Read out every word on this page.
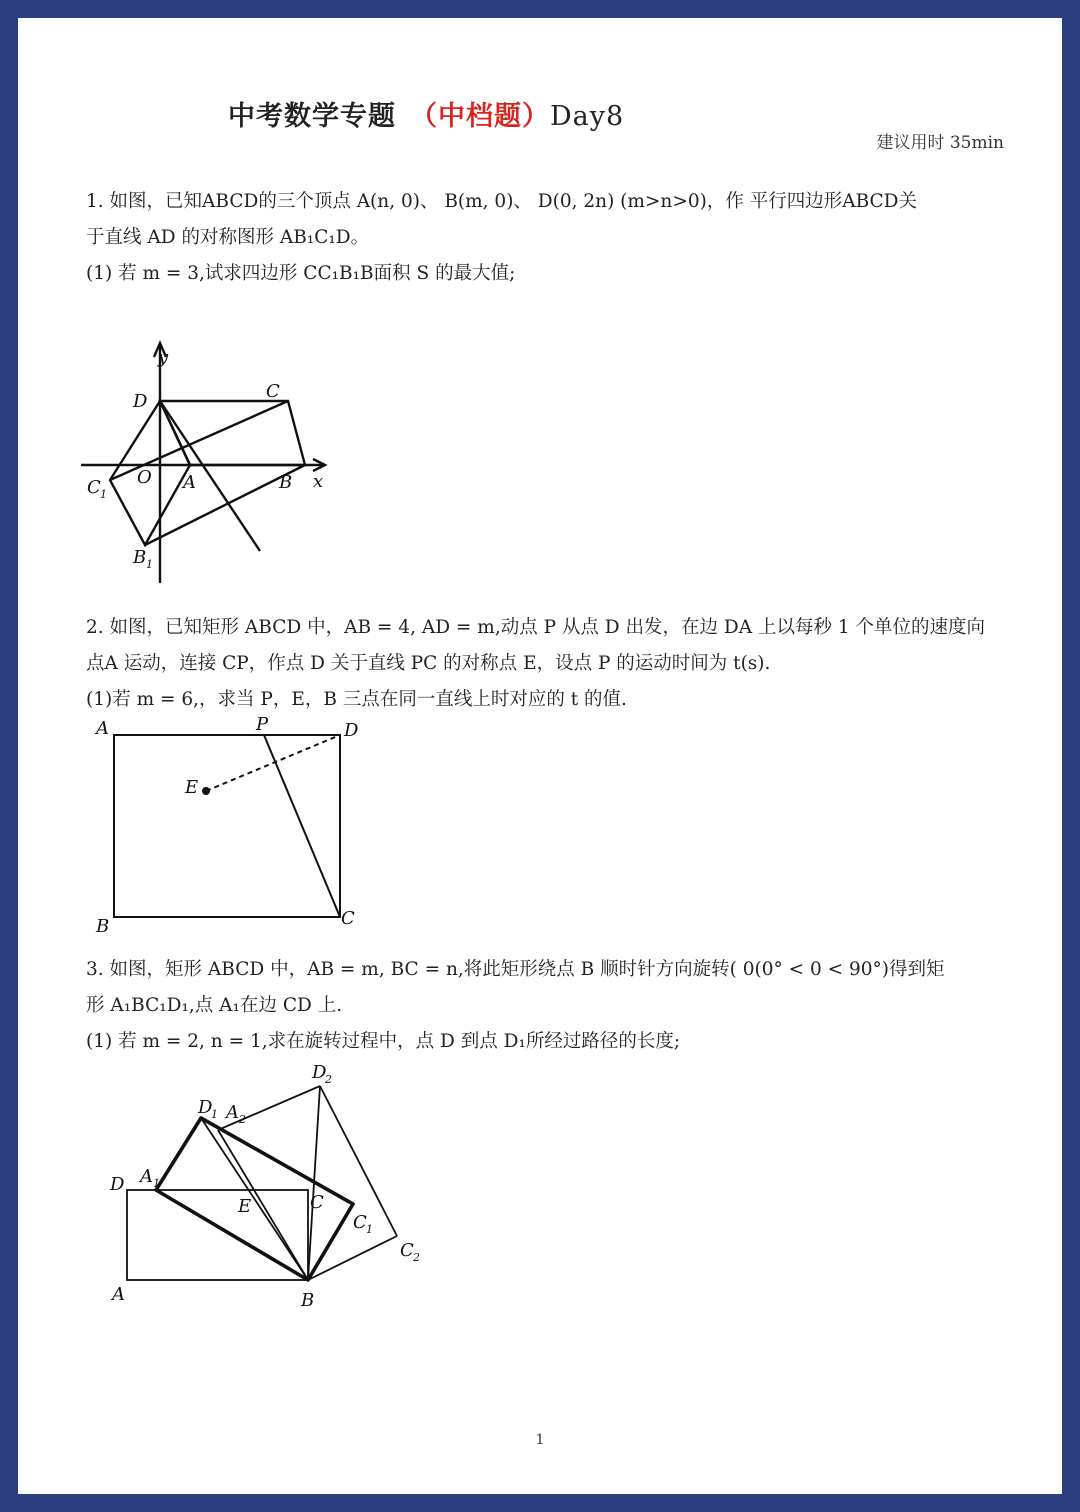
中考数学专题 （中档题）Day8
建议用时 35min

1. 如图，已知ABCD的三个顶点 A(n, 0)、 B(m, 0)、 D(0, 2n) (m>n>0)，作 平行四边形ABCD关

于直线 AD 的对称图形 AB₁C₁D。

(1) 若 m = 3,试求四边形 CC₁B₁B面积 S 的最大值;

y
x
D	C
C 1
O A	B
B 1

2. 如图，已知矩形 ABCD 中，AB = 4, AD = m,动点 P 从点 D 出发，在边 DA 上以每秒 1 个单位的速度向

点A 运动，连接 CP，作点 D 关于直线 PC 的对称点 E，设点 P 的运动时间为 t(s).

(1)若 m = 6,，求当 P，E，B 三点在同一直线上时对应的 t 的值.

A	P	D
E
B	C

3. 如图，矩形 ABCD 中，AB = m, BC = n,将此矩形绕点 B 顺时针方向旋转( 0(0° < 0 < 90°)得到矩

形 A₁BC₁D₁,点 A₁在边 CD 上.

(1) 若 m = 2, n = 1,求在旋转过程中，点 D 到点 D₁所经过路径的长度;

D
2
D
1 A 2
D A 1
E	C
C 1
C 2
A	B
1
